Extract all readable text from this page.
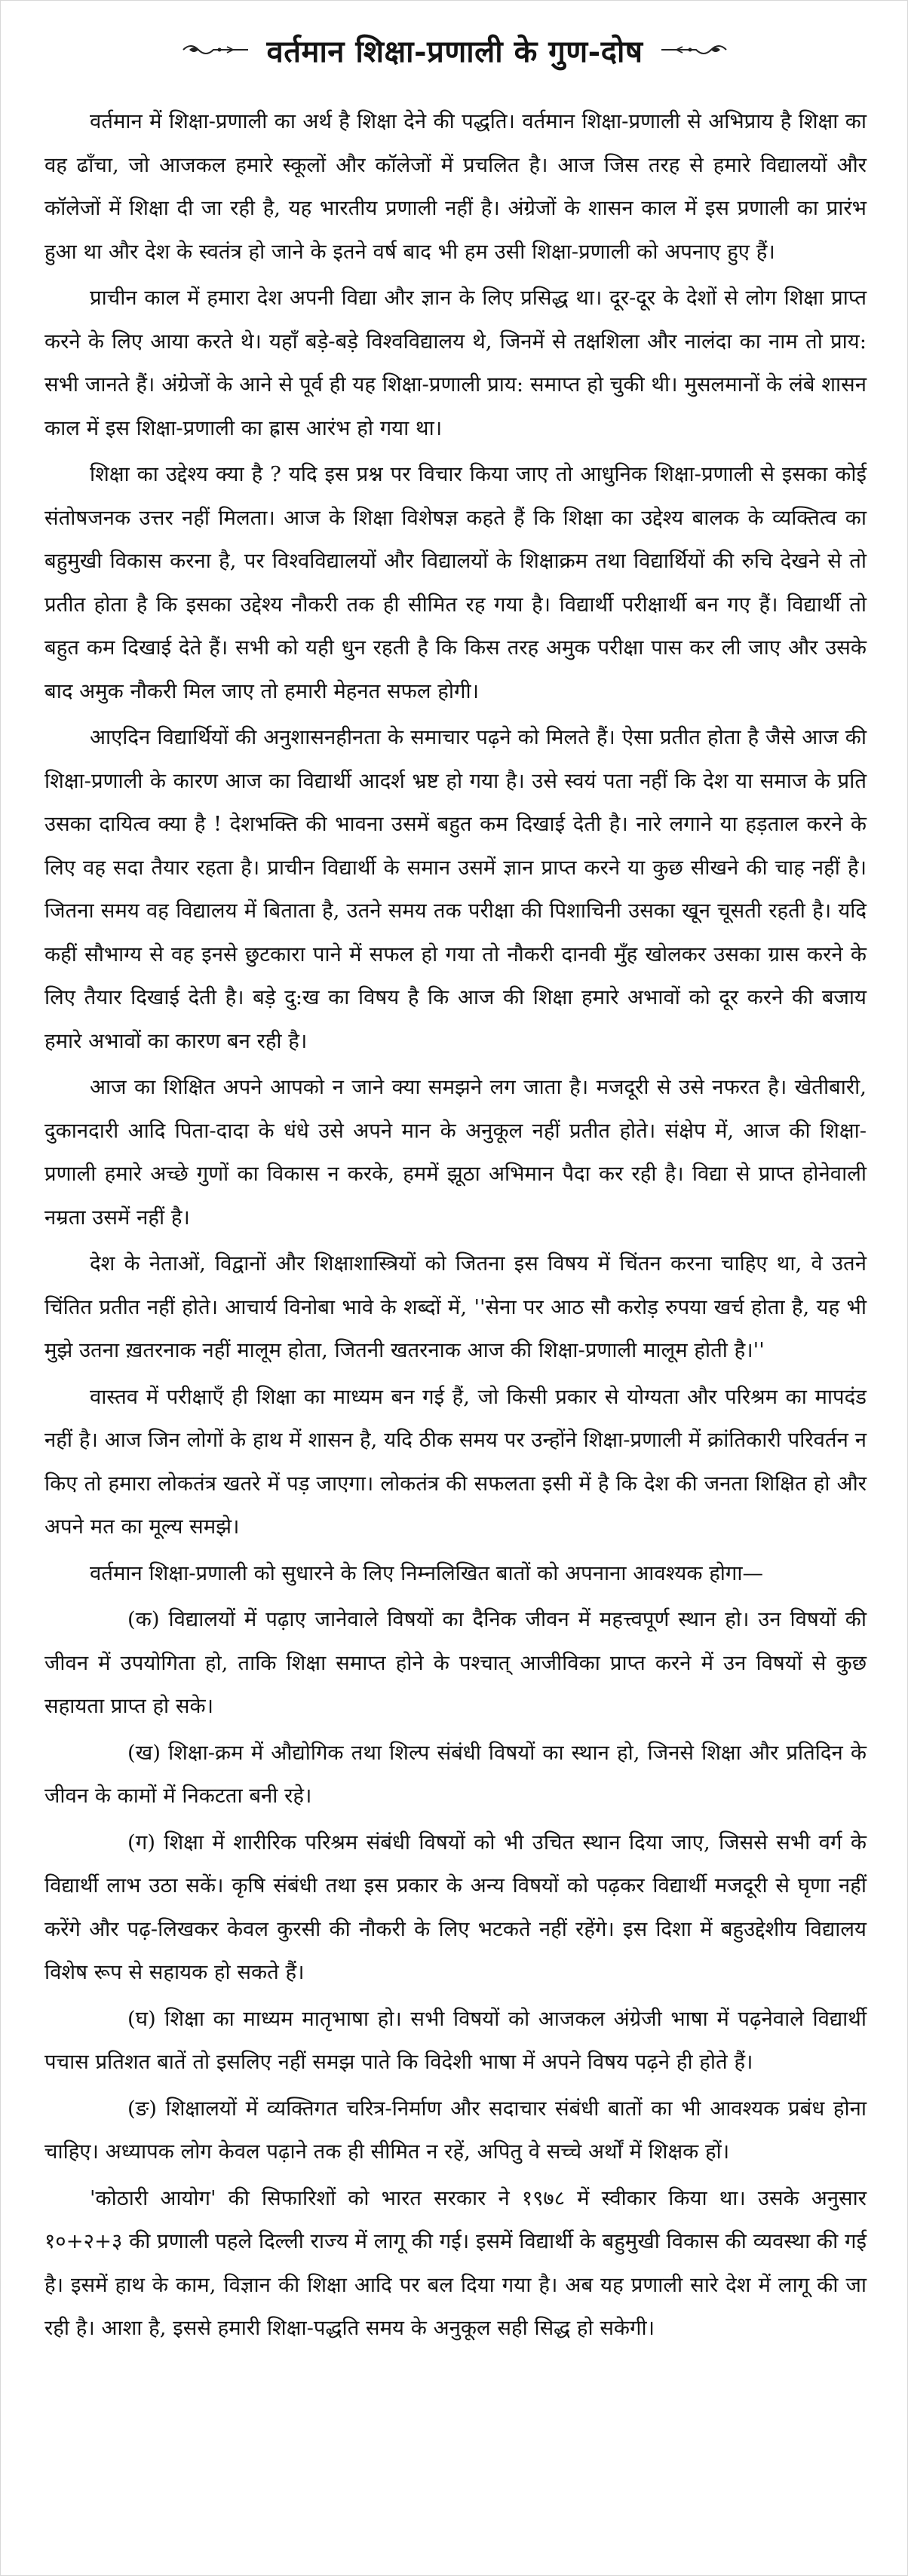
वर्तमान शिक्षा-प्रणाली के गुण-दोष

वर्तमान में शिक्षा-प्रणाली का अर्थ है शिक्षा देने की पद्धति। वर्तमान शिक्षा-प्रणाली से अभिप्राय है शिक्षा का वह ढाँचा, जो आजकल हमारे स्कूलों और कॉलेजों में प्रचलित है। आज जिस तरह से हमारे विद्यालयों और कॉलेजों में शिक्षा दी जा रही है, यह भारतीय प्रणाली नहीं है। अंग्रेजों के शासन काल में इस प्रणाली का प्रारंभ हुआ था और देश के स्वतंत्र हो जाने के इतने वर्ष बाद भी हम उसी शिक्षा-प्रणाली को अपनाए हुए हैं।

प्राचीन काल में हमारा देश अपनी विद्या और ज्ञान के लिए प्रसिद्ध था। दूर-दूर के देशों से लोग शिक्षा प्राप्त करने के लिए आया करते थे। यहाँ बड़े-बड़े विश्वविद्यालय थे, जिनमें से तक्षशिला और नालंदा का नाम तो प्राय: सभी जानते हैं। अंग्रेजों के आने से पूर्व ही यह शिक्षा-प्रणाली प्राय: समाप्त हो चुकी थी। मुसलमानों के लंबे शासन काल में इस शिक्षा-प्रणाली का ह्रास आरंभ हो गया था।

शिक्षा का उद्देश्य क्या है ? यदि इस प्रश्न पर विचार किया जाए तो आधुनिक शिक्षा-प्रणाली से इसका कोई संतोषजनक उत्तर नहीं मिलता। आज के शिक्षा विशेषज्ञ कहते हैं कि शिक्षा का उद्देश्य बालक के व्यक्तित्व का बहुमुखी विकास करना है, पर विश्वविद्यालयों और विद्यालयों के शिक्षाक्रम तथा विद्यार्थियों की रुचि देखने से तो प्रतीत होता है कि इसका उद्देश्य नौकरी तक ही सीमित रह गया है। विद्यार्थी परीक्षार्थी बन गए हैं। विद्यार्थी तो बहुत कम दिखाई देते हैं। सभी को यही धुन रहती है कि किस तरह अमुक परीक्षा पास कर ली जाए और उसके बाद अमुक नौकरी मिल जाए तो हमारी मेहनत सफल होगी।

आएदिन विद्यार्थियों की अनुशासनहीनता के समाचार पढ़ने को मिलते हैं। ऐसा प्रतीत होता है जैसे आज की शिक्षा-प्रणाली के कारण आज का विद्यार्थी आदर्श भ्रष्ट हो गया है। उसे स्वयं पता नहीं कि देश या समाज के प्रति उसका दायित्व क्या है ! देशभक्ति की भावना उसमें बहुत कम दिखाई देती है। नारे लगाने या हड़ताल करने के लिए वह सदा तैयार रहता है। प्राचीन विद्यार्थी के समान उसमें ज्ञान प्राप्त करने या कुछ सीखने की चाह नहीं है। जितना समय वह विद्यालय में बिताता है, उतने समय तक परीक्षा की पिशाचिनी उसका खून चूसती रहती है। यदि कहीं सौभाग्य से वह इनसे छुटकारा पाने में सफल हो गया तो नौकरी दानवी मुँह खोलकर उसका ग्रास करने के लिए तैयार दिखाई देती है। बड़े दु:ख का विषय है कि आज की शिक्षा हमारे अभावों को दूर करने की बजाय हमारे अभावों का कारण बन रही है।

आज का शिक्षित अपने आपको न जाने क्या समझने लग जाता है। मजदूरी से उसे नफरत है। खेतीबारी, दुकानदारी आदि पिता-दादा के धंधे उसे अपने मान के अनुकूल नहीं प्रतीत होते। संक्षेप में, आज की शिक्षा-प्रणाली हमारे अच्छे गुणों का विकास न करके, हममें झूठा अभिमान पैदा कर रही है। विद्या से प्राप्त होनेवाली नम्रता उसमें नहीं है।

देश के नेताओं, विद्वानों और शिक्षाशास्त्रियों को जितना इस विषय में चिंतन करना चाहिए था, वे उतने चिंतित प्रतीत नहीं होते। आचार्य विनोबा भावे के शब्दों में, ''सेना पर आठ सौ करोड़ रुपया खर्च होता है, यह भी मुझे उतना ख़तरनाक नहीं मालूम होता, जितनी खतरनाक आज की शिक्षा-प्रणाली मालूम होती है।''

वास्तव में परीक्षाएँ ही शिक्षा का माध्यम बन गई हैं, जो किसी प्रकार से योग्यता और परिश्रम का मापदंड नहीं है। आज जिन लोगों के हाथ में शासन है, यदि ठीक समय पर उन्होंने शिक्षा-प्रणाली में क्रांतिकारी परिवर्तन न किए तो हमारा लोकतंत्र खतरे में पड़ जाएगा। लोकतंत्र की सफलता इसी में है कि देश की जनता शिक्षित हो और अपने मत का मूल्य समझे।

वर्तमान शिक्षा-प्रणाली को सुधारने के लिए निम्नलिखित बातों को अपनाना आवश्यक होगा—

(क) विद्यालयों में पढ़ाए जानेवाले विषयों का दैनिक जीवन में महत्त्वपूर्ण स्थान हो। उन विषयों की जीवन में उपयोगिता हो, ताकि शिक्षा समाप्त होने के पश्चात् आजीविका प्राप्त करने में उन विषयों से कुछ सहायता प्राप्त हो सके।

(ख) शिक्षा-क्रम में औद्योगिक तथा शिल्प संबंधी विषयों का स्थान हो, जिनसे शिक्षा और प्रतिदिन के जीवन के कामों में निकटता बनी रहे।

(ग) शिक्षा में शारीरिक परिश्रम संबंधी विषयों को भी उचित स्थान दिया जाए, जिससे सभी वर्ग के विद्यार्थी लाभ उठा सकें। कृषि संबंधी तथा इस प्रकार के अन्य विषयों को पढ़कर विद्यार्थी मजदूरी से घृणा नहीं करेंगे और पढ़-लिखकर केवल कुरसी की नौकरी के लिए भटकते नहीं रहेंगे। इस दिशा में बहुउद्देशीय विद्यालय विशेष रूप से सहायक हो सकते हैं।

(घ) शिक्षा का माध्यम मातृभाषा हो। सभी विषयों को आजकल अंग्रेजी भाषा में पढ़नेवाले विद्यार्थी पचास प्रतिशत बातें तो इसलिए नहीं समझ पाते कि विदेशी भाषा में अपने विषय पढ़ने ही होते हैं।

(ङ) शिक्षालयों में व्यक्तिगत चरित्र-निर्माण और सदाचार संबंधी बातों का भी आवश्यक प्रबंध होना चाहिए। अध्यापक लोग केवल पढ़ाने तक ही सीमित न रहें, अपितु वे सच्चे अर्थों में शिक्षक हों।

'कोठारी आयोग' की सिफारिशों को भारत सरकार ने १९७८ में स्वीकार किया था। उसके अनुसार १०+२+३ की प्रणाली पहले दिल्ली राज्य में लागू की गई। इसमें विद्यार्थी के बहुमुखी विकास की व्यवस्था की गई है। इसमें हाथ के काम, विज्ञान की शिक्षा आदि पर बल दिया गया है। अब यह प्रणाली सारे देश में लागू की जा रही है। आशा है, इससे हमारी शिक्षा-पद्धति समय के अनुकूल सही सिद्ध हो सकेगी।
